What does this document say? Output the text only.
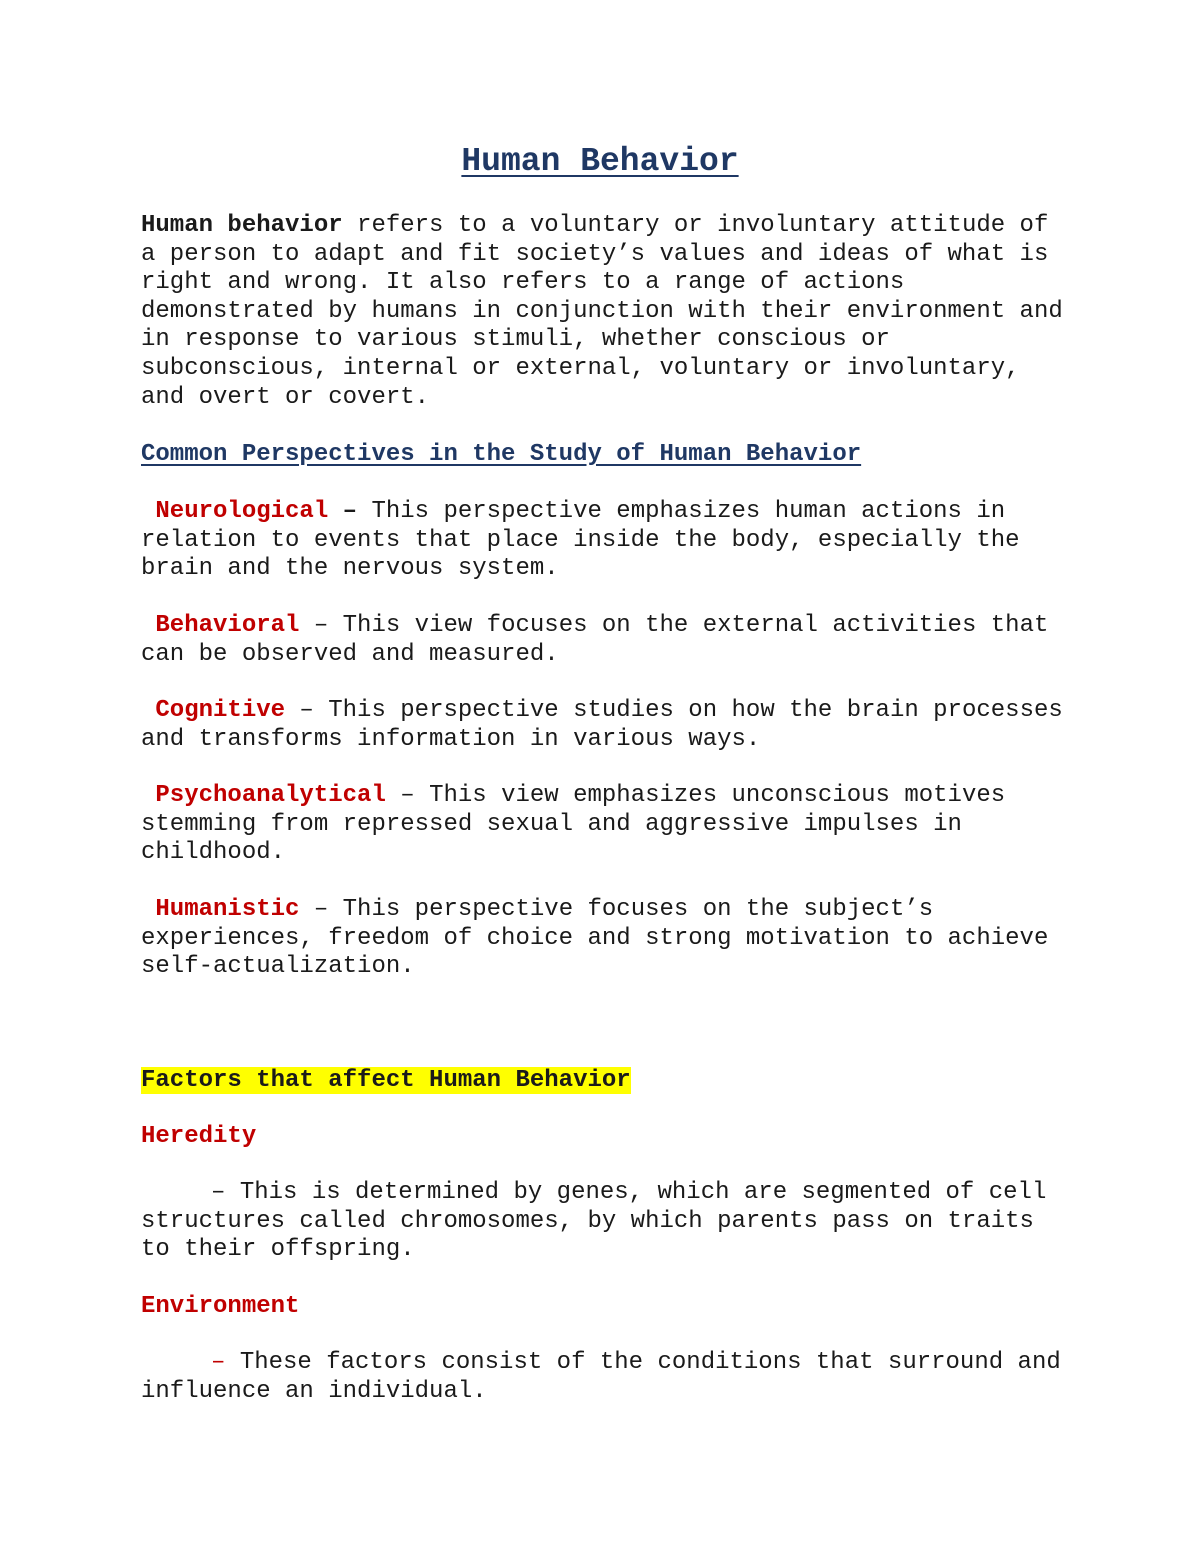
Human Behavior

Human behavior refers to a voluntary or involuntary attitude of a person to adapt and fit society’s values and ideas of what is right and wrong. It also refers to a range of actions demonstrated by humans in conjunction with their environment and in response to various stimuli, whether conscious or subconscious, internal or external, voluntary or involuntary, and overt or covert.

Common Perspectives in the Study of Human Behavior

Neurological – This perspective emphasizes human actions in relation to events that place inside the body, especially the brain and the nervous system.

Behavioral – This view focuses on the external activities that can be observed and measured.

Cognitive – This perspective studies on how the brain processes and transforms information in various ways.

Psychoanalytical – This view emphasizes unconscious motives stemming from repressed sexual and aggressive impulses in childhood.

Humanistic – This perspective focuses on the subject’s experiences, freedom of choice and strong motivation to achieve self-actualization.

Factors that affect Human Behavior

Heredity

– This is determined by genes, which are segmented of cell structures called chromosomes, by which parents pass on traits to their offspring.

Environment

– These factors consist of the conditions that surround and influence an individual.
